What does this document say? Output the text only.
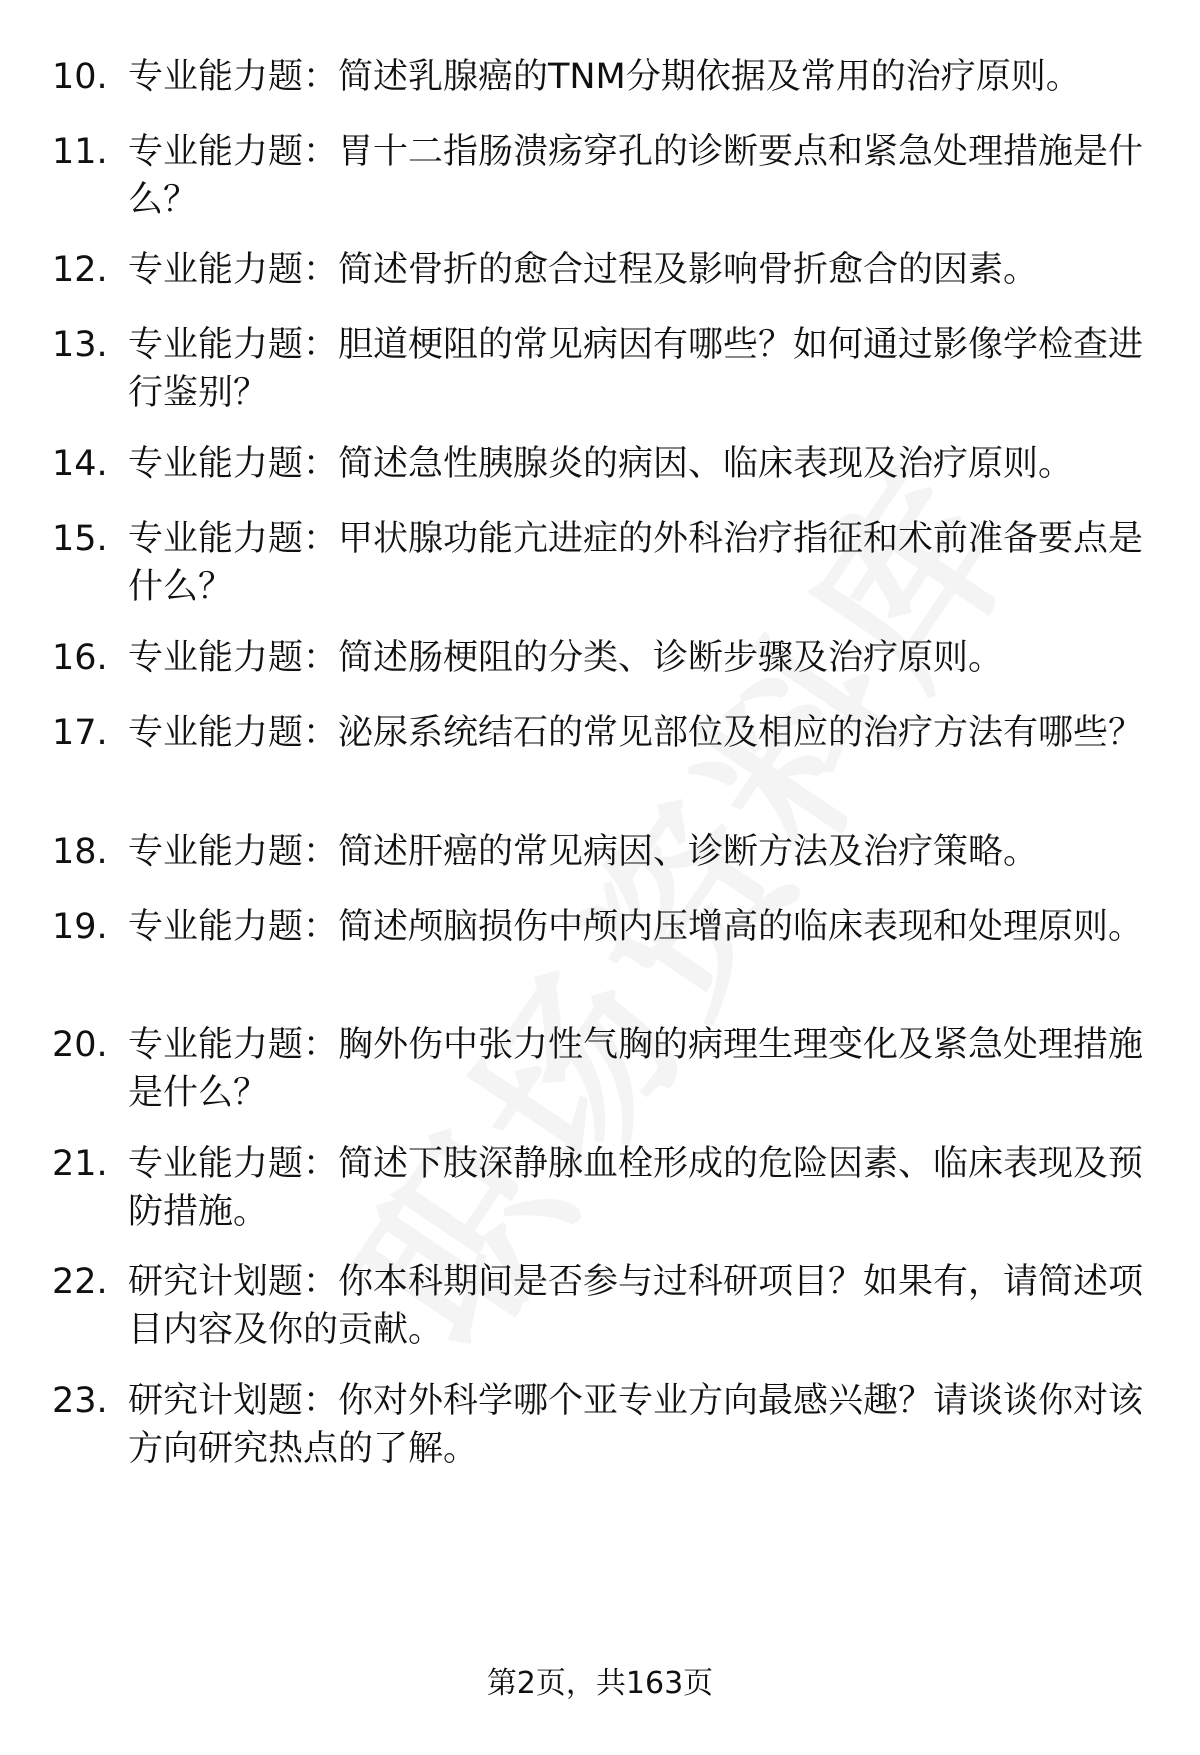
10. 专业能力题：简述乳腺癌的TNM分期依据及常用的治疗原则。
11. 专业能力题：胃十二指肠溃疡穿孔的诊断要点和紧急处理措施是什么？
12. 专业能力题：简述骨折的愈合过程及影响骨折愈合的因素。
13. 专业能力题：胆道梗阻的常见病因有哪些？如何通过影像学检查进行鉴别？
14. 专业能力题：简述急性胰腺炎的病因、临床表现及治疗原则。
15. 专业能力题：甲状腺功能亢进症的外科治疗指征和术前准备要点是什么？
16. 专业能力题：简述肠梗阻的分类、诊断步骤及治疗原则。
17. 专业能力题：泌尿系统结石的常见部位及相应的治疗方法有哪些？
18. 专业能力题：简述肝癌的常见病因、诊断方法及治疗策略。
19. 专业能力题：简述颅脑损伤中颅内压增高的临床表现和处理原则。
20. 专业能力题：胸外伤中张力性气胸的病理生理变化及紧急处理措施是什么？
21. 专业能力题：简述下肢深静脉血栓形成的危险因素、临床表现及预防措施。
22. 研究计划题：你本科期间是否参与过科研项目？如果有，请简述项目内容及你的贡献。
23. 研究计划题：你对外科学哪个亚专业方向最感兴趣？请谈谈你对该方向研究热点的了解。
第2页，共163页
